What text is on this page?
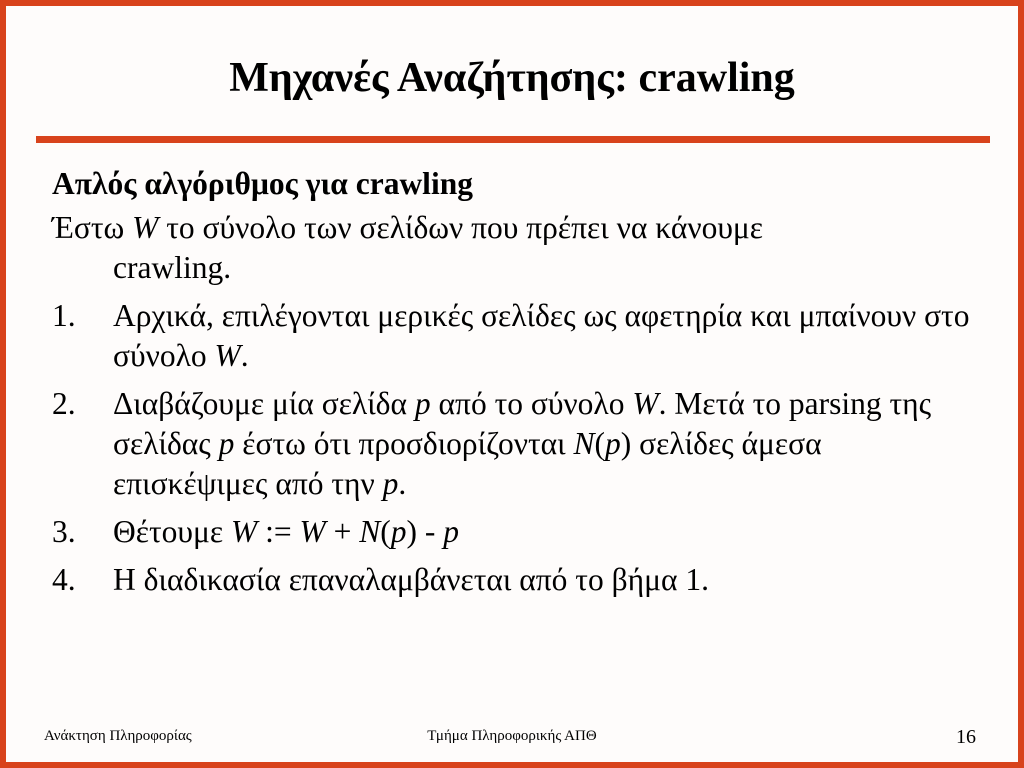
Μηχανές Αναζήτησης: crawling
Απλός αλγόριθμος για crawling
Έστω W το σύνολο των σελίδων που πρέπει να κάνουμε
crawling.
1. Αρχικά, επιλέγονται μερικές σελίδες ως αφετηρία και μπαίνουν στο σύνολο W.
2. Διαβάζουμε μία σελίδα p από το σύνολο W. Μετά το parsing της σελίδας p έστω ότι προσδιορίζονται N(p) σελίδες άμεσα επισκέψιμες από την p.
3. Θέτουμε W := W + N(p) - p
4. Η διαδικασία επαναλαμβάνεται από το βήμα 1.
Ανάκτηση Πληροφορίας	Τμήμα Πληροφορικής ΑΠΘ	16
